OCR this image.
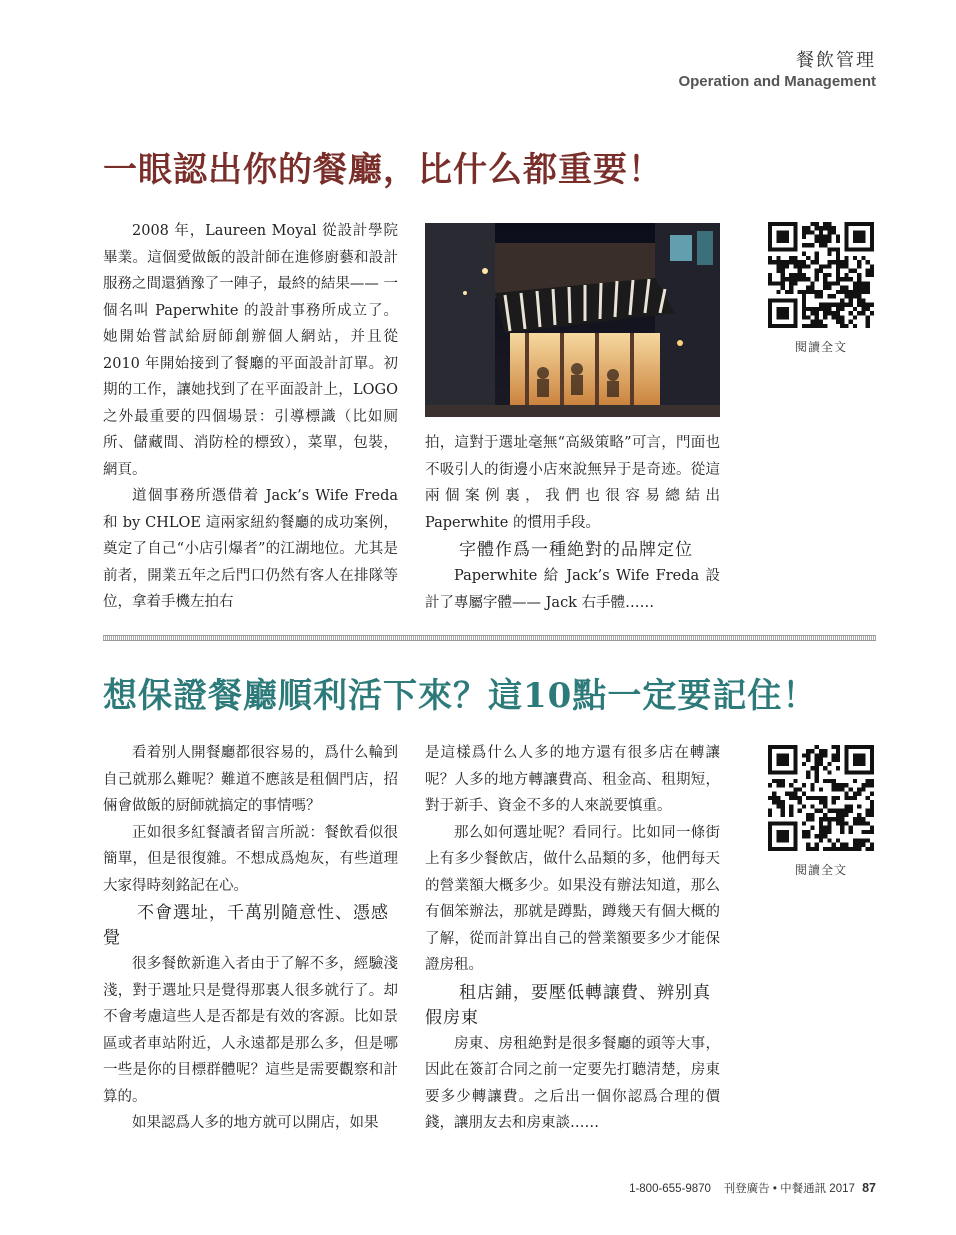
餐飲管理
Operation and Management
一眼認出你的餐廳，比什么都重要！

2008 年，Laureen Moyal 從設計學院畢業。這個愛做飯的設計師在進修廚藝和設計服務之間還猶豫了一陣子，最終的結果—— 一個名叫 Paperwhite 的設計事務所成立了。她開始嘗試給厨師創辦個人網站，并且從 2010 年開始接到了餐廳的平面設計訂單。初期的工作，讓她找到了在平面設計上，LOGO 之外最重要的四個場景：引導標識（比如厕所、儲藏間、消防栓的標致），菜單，包裝，網頁。

道個事務所憑借着 Jack’s Wife Freda 和 by CHLOE 這兩家紐約餐廳的成功案例，奠定了自己“小店引爆者”的江湖地位。尤其是前者，開業五年之后門口仍然有客人在排隊等位，拿着手機左拍右

拍，這對于選址毫無“高級策略”可言，門面也不吸引人的街邊小店來說無异于是奇迹。從這兩個案例裏，我們也很容易總結出 Paperwhite 的慣用手段。

字體作爲一種絶對的品牌定位

Paperwhite 給 Jack’s Wife Freda 設計了專屬字體—— Jack 右手體……

閱讀全文
想保證餐廳順利活下來？這10點一定要記住！

看着别人開餐廳都很容易的，爲什么輪到自己就那么難呢？難道不應該是租個門店，招倆會做飯的厨師就搞定的事情嗎？

正如很多紅餐讀者留言所説：餐飲看似很簡單，但是很復雜。不想成爲炮灰，有些道理大家得時刻銘記在心。

不會選址，千萬别隨意性、憑感覺

很多餐飲新進入者由于了解不多，經驗淺淺，對于選址只是覺得那裏人很多就行了。却不會考慮這些人是否都是有效的客源。比如景區或者車站附近，人永遠都是那么多，但是哪一些是你的目標群體呢？這些是需要觀察和計算的。

如果認爲人多的地方就可以開店，如果

是這樣爲什么人多的地方還有很多店在轉讓呢？人多的地方轉讓費高、租金高、租期短，對于新手、資金不多的人來説要慎重。

那么如何選址呢？看同行。比如同一條街上有多少餐飲店，做什么品類的多，他們每天的營業額大概多少。如果没有辦法知道，那么有個笨辦法，那就是蹲點，蹲幾天有個大概的了解，從而計算出自己的營業額要多少才能保證房租。

租店鋪，要壓低轉讓費、辨别真假房東

房東、房租絶對是很多餐廳的頭等大事，因此在簽訂合同之前一定要先打聽清楚，房東要多少轉讓費。之后出一個你認爲合理的價錢，讓朋友去和房東談……

閱讀全文
1-800-655-9870 刊登廣告 • 中餐通訊 2017 87
